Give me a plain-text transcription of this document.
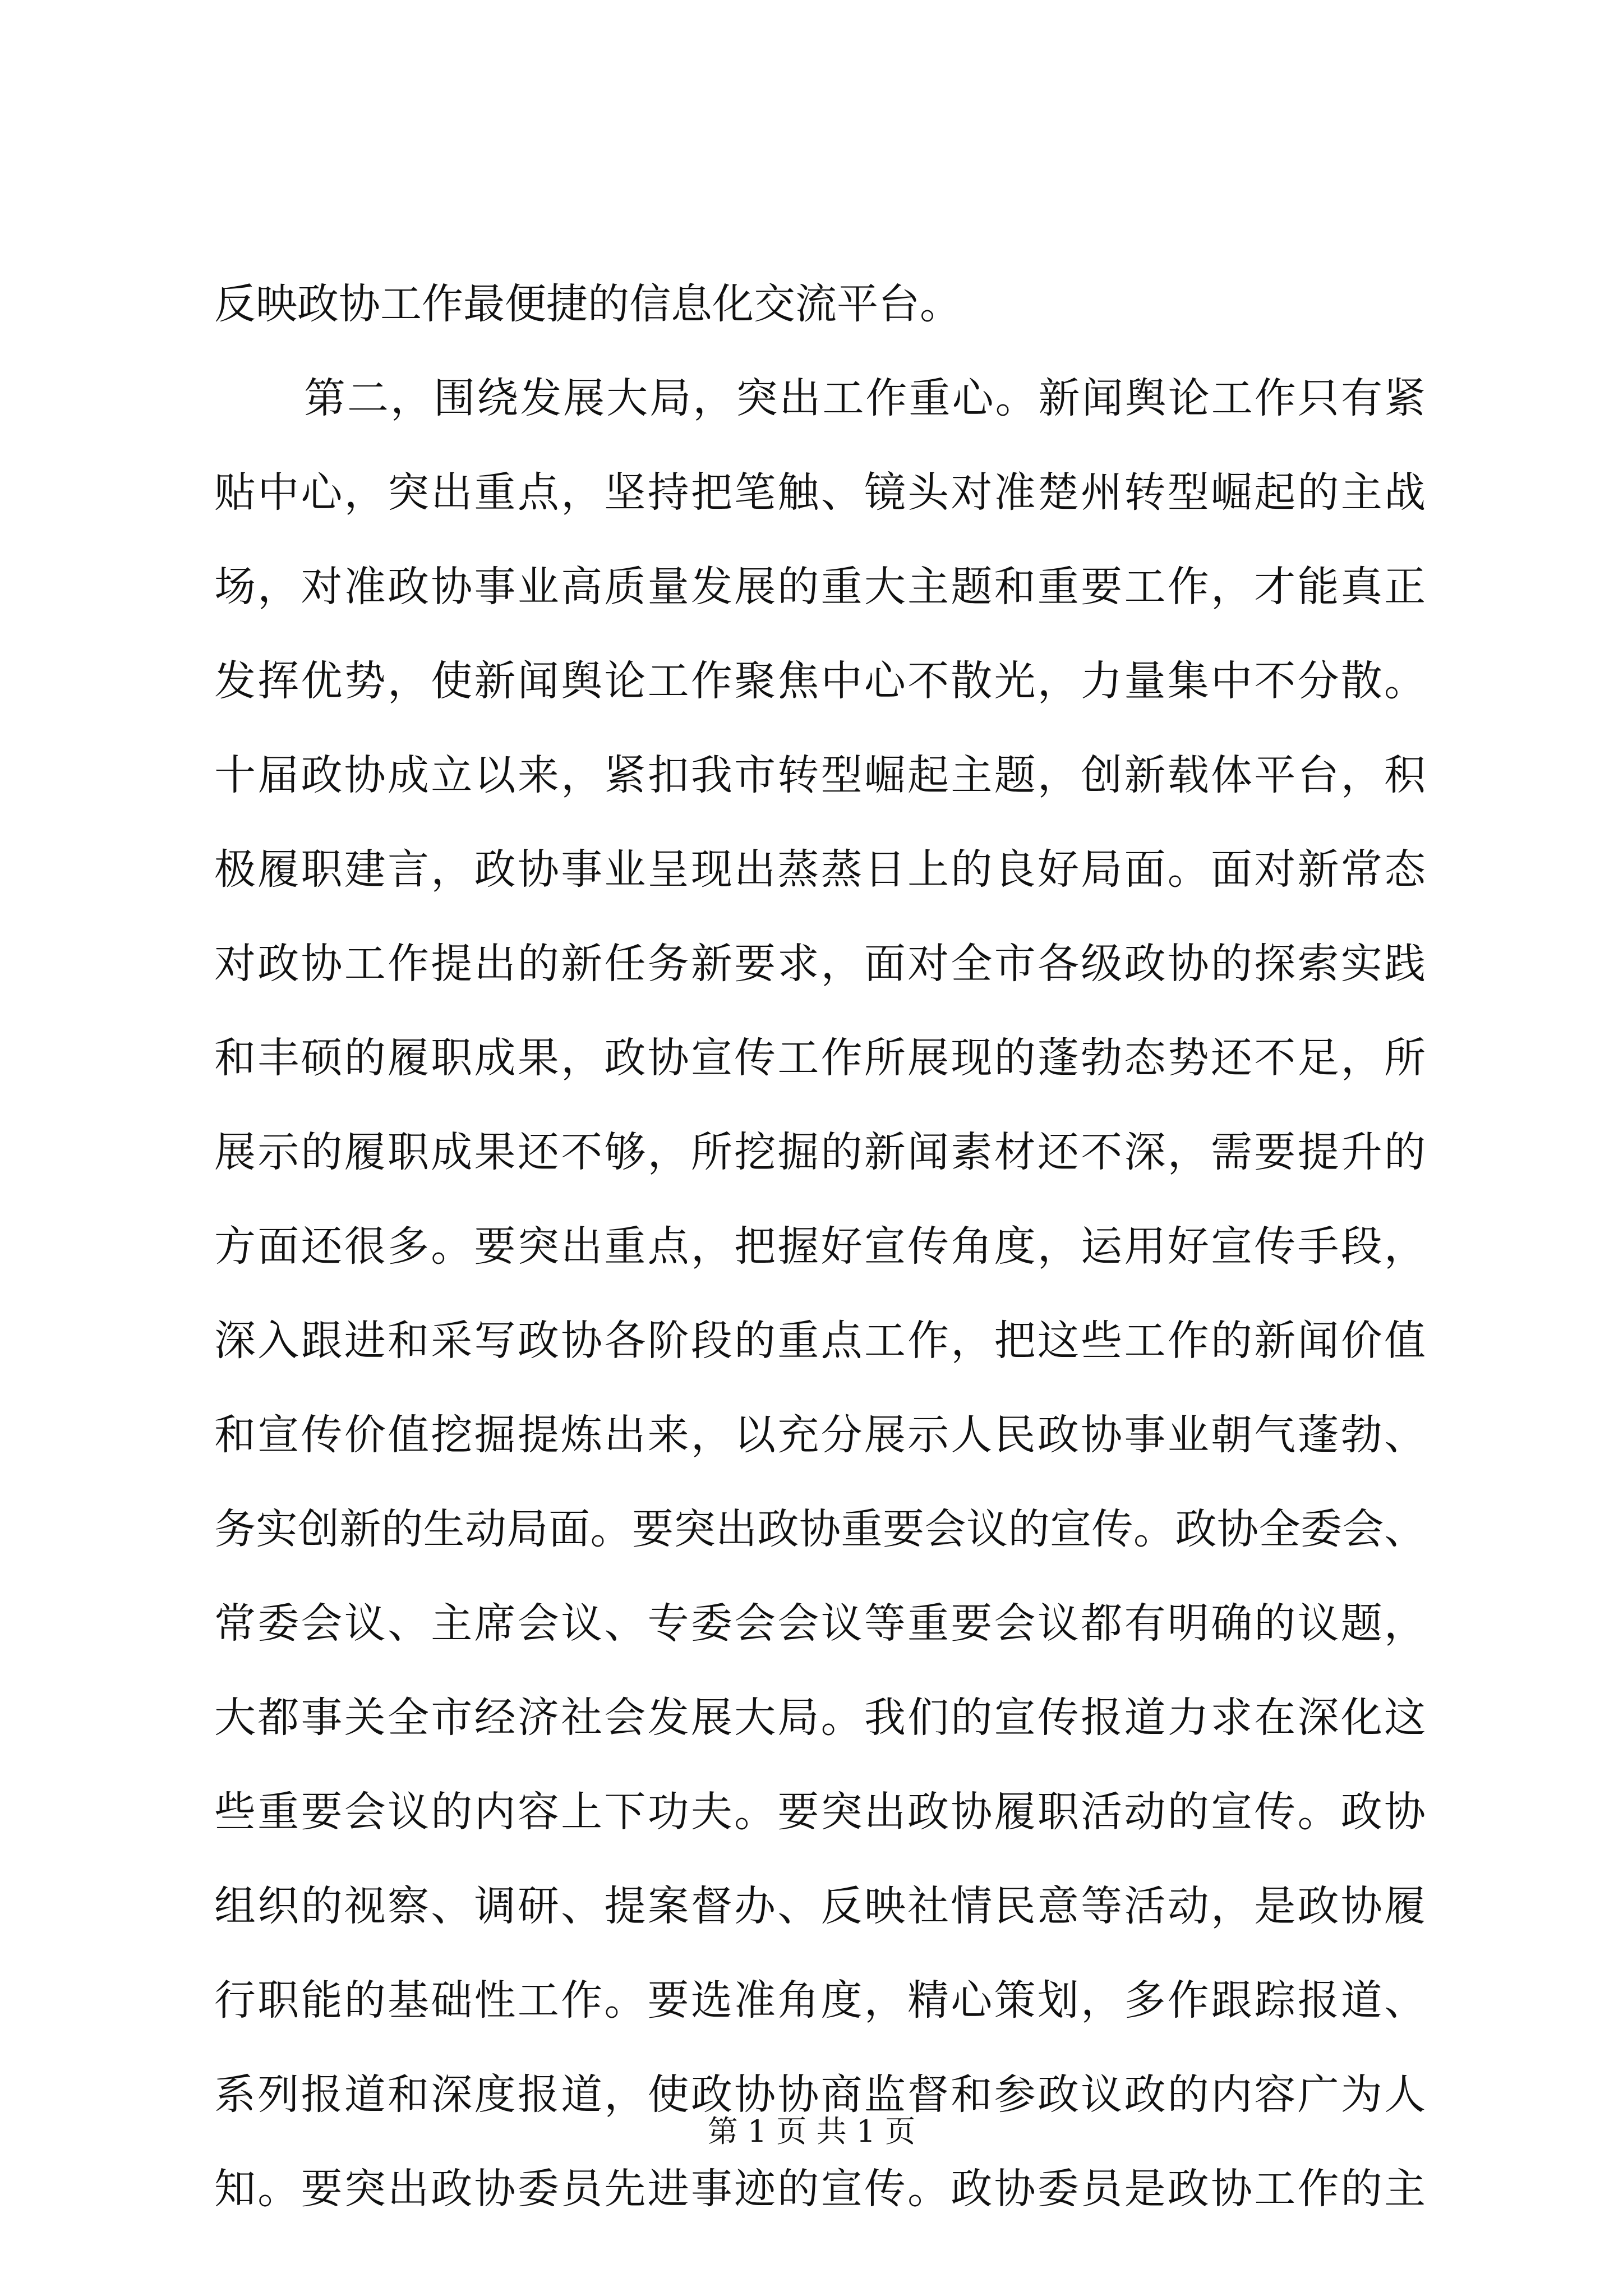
反映政协工作最便捷的信息化交流平台。
第二，围绕发展大局，突出工作重心。新闻舆论工作只有紧
贴中心，突出重点，坚持把笔触、镜头对准楚州转型崛起的主战
场，对准政协事业高质量发展的重大主题和重要工作，才能真正
发挥优势，使新闻舆论工作聚焦中心不散光，力量集中不分散。
十届政协成立以来，紧扣我市转型崛起主题，创新载体平台，积
极履职建言，政协事业呈现出蒸蒸日上的良好局面。面对新常态
对政协工作提出的新任务新要求，面对全市各级政协的探索实践
和丰硕的履职成果，政协宣传工作所展现的蓬勃态势还不足，所
展示的履职成果还不够，所挖掘的新闻素材还不深，需要提升的
方面还很多。要突出重点，把握好宣传角度，运用好宣传手段，
深入跟进和采写政协各阶段的重点工作，把这些工作的新闻价值
和宣传价值挖掘提炼出来，以充分展示人民政协事业朝气蓬勃、
务实创新的生动局面。要突出政协重要会议的宣传。政协全委会、
常委会议、主席会议、专委会会议等重要会议都有明确的议题，
大都事关全市经济社会发展大局。我们的宣传报道力求在深化这
些重要会议的内容上下功夫。要突出政协履职活动的宣传。政协
组织的视察、调研、提案督办、反映社情民意等活动，是政协履
行职能的基础性工作。要选准角度，精心策划，多作跟踪报道、
系列报道和深度报道，使政协协商监督和参政议政的内容广为人
知。要突出政协委员先进事迹的宣传。政协委员是政协工作的主
第 1 页 共 1 页
